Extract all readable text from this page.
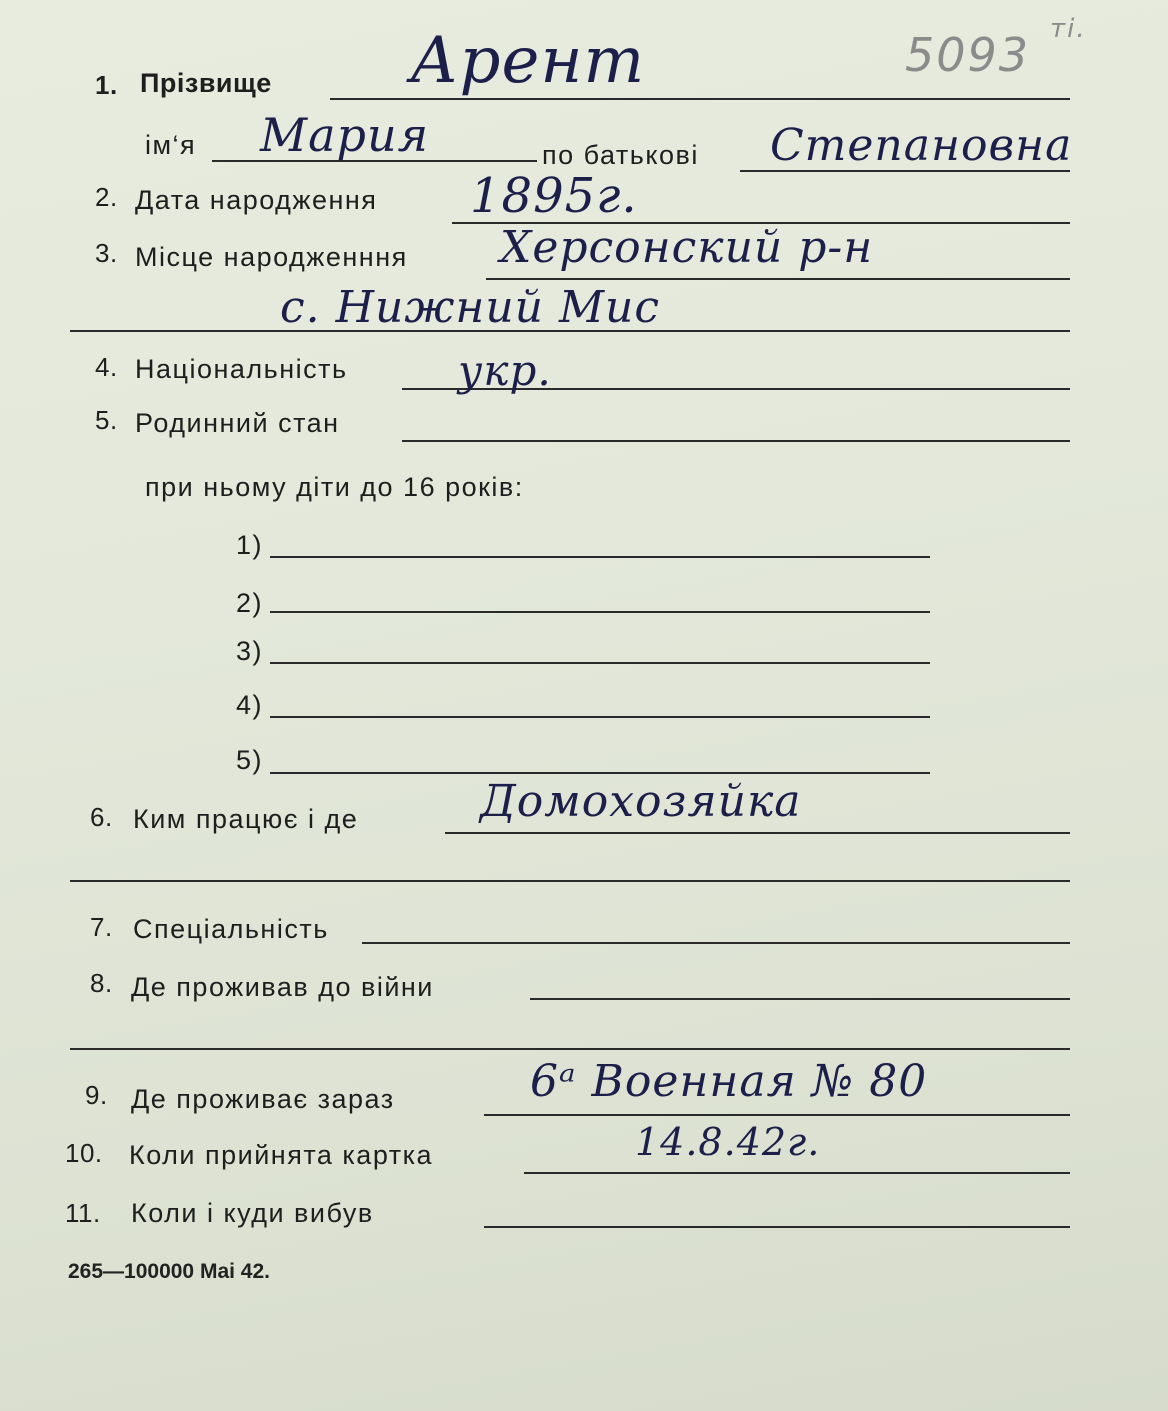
5093 ті.
1. Прізвище Арент
ім‘я Мария	по батькові Степановна
2. Дата народження 1895г.
3. Місце народженння Херсонский р-н
с. Нижний Мис
4. Національність	укр.
5. Родинний стан
при ньому діти до 16 років:
1)
2)
3)
4)
5)
6. Ким працює і де	Домохозяйка
7. Спеціальність
8. Де проживав до війни
9. Де проживає зараз	6ᵃ Военная № 80
10. Коли прийнята картка	14.8.42г.
11. Коли і куди вибув
265—100000 Mai 42.
